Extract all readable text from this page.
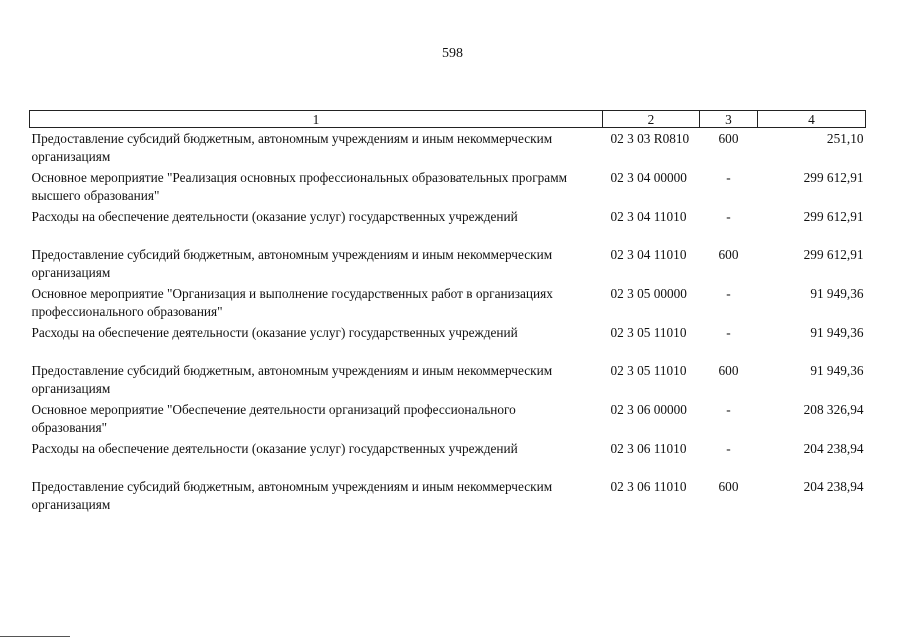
598
1	2	3	4
Предоставление субсидий бюджетным, автономным учреждениям и иным некоммерческим организациям	02 3 03 R0810	600	251,10
Основное мероприятие "Реализация основных профессиональных образовательных программ высшего образования"	02 3 04 00000	-	299 612,91
Расходы на обеспечение деятельности (оказание услуг) государственных учреждений	02 3 04 11010	-	299 612,91
Предоставление субсидий бюджетным, автономным учреждениям и иным некоммерческим организациям	02 3 04 11010	600	299 612,91
Основное мероприятие "Организация и выполнение государственных работ в организациях профессионального образования"	02 3 05 00000	-	91 949,36
Расходы на обеспечение деятельности (оказание услуг) государственных учреждений	02 3 05 11010	-	91 949,36
Предоставление субсидий бюджетным, автономным учреждениям и иным некоммерческим организациям	02 3 05 11010	600	91 949,36
Основное мероприятие "Обеспечение деятельности организаций профессионального образования"	02 3 06 00000	-	208 326,94
Расходы на обеспечение деятельности (оказание услуг) государственных учреждений	02 3 06 11010	-	204 238,94
Предоставление субсидий бюджетным, автономным учреждениям и иным некоммерческим организациям	02 3 06 11010	600	204 238,94
